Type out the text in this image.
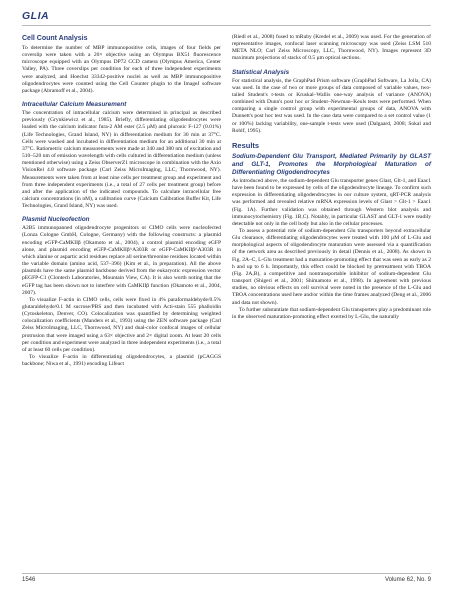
GLIA
Cell Count Analysis

To determine the number of MBP immunopositive cells, images of four fields per coverslip were taken with a 20× objective using an Olympus BX51 fluorescence microscope equipped with an Olympus DP72 CCD camera (Olympus America, Center Valley, PA). Three coverslips per condition for each of three independent experiments were analyzed, and Hoechst 33342-positive nuclei as well as MBP immunopositive oligodendrocytes were counted using the Cell Counter plugin to the ImageJ software package (Abramoff et al., 2004).

Intracellular Calcium Measurement

The concentration of intracellular calcium were determined in principal as described previously (Grynkiewicz et al., 1985). Briefly, differentiating oligodendrocytes were loaded with the calcium indicator fura-2 AM ester (2.5 µM) and pluronic F-127 (0.01%) (Life Technologies, Grand Island, NY) in differentiation medium for 30 min at 37°C. Cells were washed and incubated in differentiation medium for an additional 30 min at 37°C. Ratiometric calcium measurements were made at 340 and 380 nm of excitation and 510–520 nm of emission wavelength with cells cultured in differentiation medium (unless mentioned otherwise) using a Zeiss ObserverZ1 microscope in combination with the Axio VisionRel 4.8 software package (Carl Zeiss MicroImaging, LLC, Thornwood, NY). Measurements were taken from at least nine cells per treatment group and experiment and from three independent experiments (i.e., a total of 27 cells per treatment group) before and after the application of the indicated compounds. To calculate intracellular free calcium concentrations (in nM), a calibration curve (Calcium Calibration Buffer Kit, Life Technologies, Grand Island, NY) was used.

Plasmid Nucleofection

A2B5 immunopanned oligodendrocyte progenitors or CIMO cells were nucleofected (Lonza Cologne GmbH, Cologne, Germany) with the following constructs: a plasmid encoding eGFP-CaMKIIβ (Okamoto et al., 2004), a control plasmid encoding eGFP alone, and plasmid encoding eGFP-CaMKIIβ^A303R or eGFP-CaMKIIβ^A303R in which alanine or aspartic acid residues replace all serine/threonine residues located within the variable domain (amino acid, 537–396) (Kim et al., in preparation). All the above plasmids have the same plasmid backbone derived from the eukaryotic expression vector pEGFP-C1 (Clontech Laboratories, Mountain View, CA). It is also worth noting that the eGFP tag has been shown not to interfere with CaMKIIβ function (Okamoto et al., 2004, 2007).

To visualize F-actin in CIMO cells, cells were fixed in 4% paraformaldehyde/0.5% glutaraldehyde/0.1 M sucrose/PBS and then incubated with Acti-stain 555 phalloidin (Cytoskeleton, Denver, CO). Colocalization was quantified by determining weighted colocalization coefficients (Manders et al., 1993) using the ZEN software package (Carl Zeiss MicroImaging, LLC, Thornwood, NY) and dual-color confocal images of cellular protrusion that were imaged using a 63× objective and 2× digital zoom. At least 20 cells per condition and experiment were analyzed in three independent experiments (i.e., a total of at least 60 cells per condition).

To visualize F-actin in differentiating oligodendrocytes, a plasmid (pCAGGS backbone; Niwa et al., 1991) encoding Lifeact

(Riedl et al., 2008) fused to mRuby (Kredel et al., 2009) was used. For the generation of representative images, confocal laser scanning microscopy was used (Zeiss LSM 510 META NLO; Carl Zeiss Microscopy, LLC, Thornwood, NY). Images represent 3D maximum projections of stacks of 0.5 µm optical sections.

Statistical Analysis

For statistical analysis, the GraphPad Prism software (GraphPad Software, La Jolla, CA) was used. In the case of two or more groups of data composed of variable values, two-tailed Student's t-tests or Kruskal–Wallis one-way analysis of variance (ANOVA) combined with Dunn's post hoc or Student–Newman–Keuls tests were performed. When comparing a single control group with experimental groups of data, ANOVA with Dunnett's post hoc test was used. In the case data were compared to a set control value (1 or 100%) lacking variability, one-sample t-tests were used (Dalgaard, 2008; Sokal and Rohlf, 1995).

Results
Sodium-Dependent Glu Transport, Mediated Primarily by GLAST and GLT-1, Promotes the Morphological Maturation of Differentiating Oligodendrocytes

As introduced above, the sodium-dependent Glu transporter genes Glast, Glt-1, and Eaac1 have been found to be expressed by cells of the oligodendrocyte lineage. To confirm such expression in differentiating oligodendrocytes in our culture system, qRT-PCR analysis was performed and revealed relative mRNA expression levels of Glast > Glt-1 > Eaac1 (Fig. 1A). Further validation was obtained through Western blot analysis and immunocytochemistry (Fig. 1B,C). Notably, in particular GLAST and GLT-1 were readily detectable not only in the cell body but also in the cellular processes.

To assess a potential role of sodium-dependent Glu transporters beyond extracellular Glu clearance, differentiating oligodendrocytes were treated with 100 µM of L-Glu and morphological aspects of oligodendrocyte maturation were assessed via a quantification of the network area as described previously in detail (Dennis et al., 2008). As shown in Fig. 2A–C, L-Glu treatment had a maturation-promoting effect that was seen as early as 2 h and up to 6 h. Importantly, this effect could be blocked by pretreatment with TBOA (Fig. 2A,B), a competitive and nontransportable inhibitor of sodium-dependent Glu transport (Shigeri et al., 2001; Shimamoto et al., 1998). In agreement with previous studies, no obvious effects on cell survival were noted in the presence of the L-Glu and TBOA concentrations used here and/or within the time frames analyzed (Deng et al., 2006 and data not shown).

To further substantiate that sodium-dependent Glu transporters play a predominant role in the observed maturation-promoting effect exerted by L-Glu, the naturally

1546	Volume 62, No. 9
